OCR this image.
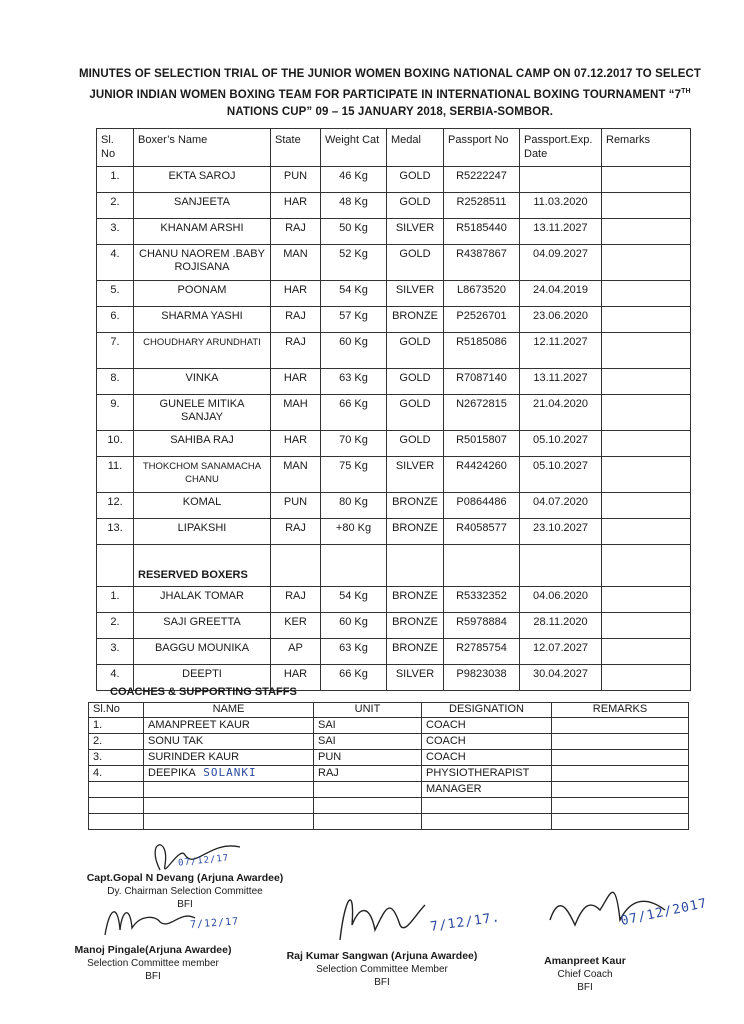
MINUTES OF SELECTION TRIAL OF THE JUNIOR WOMEN BOXING NATIONAL CAMP ON 07.12.2017 TO SELECT
JUNIOR INDIAN WOMEN BOXING TEAM FOR PARTICIPATE IN INTERNATIONAL BOXING TOURNAMENT “7TH
NATIONS CUP” 09 – 15 JANUARY 2018, SERBIA-SOMBOR.
Sl. No	Boxer’s Name	State	Weight Cat	Medal	Passport No	Passport.Exp. Date	Remarks
1.	EKTA SAROJ	PUN	46 Kg	GOLD	R5222247		
2.	SANJEETA	HAR	48 Kg	GOLD	R2528511	11.03.2020	
3.	KHANAM ARSHI	RAJ	50 Kg	SILVER	R5185440	13.11.2027	
4.	CHANU NAOREM .BABY ROJISANA	MAN	52 Kg	GOLD	R4387867	04.09.2027	
5.	POONAM	HAR	54 Kg	SILVER	L8673520	24.04.2019	
6.	SHARMA YASHI	RAJ	57 Kg	BRONZE	P2526701	23.06.2020	
7.	CHOUDHARY ARUNDHATI	RAJ	60 Kg	GOLD	R5185086	12.11.2027	
8.	VINKA	HAR	63 Kg	GOLD	R7087140	13.11.2027	
9.	GUNELE MITIKA SANJAY	MAH	66 Kg	GOLD	N2672815	21.04.2020	
10.	SAHIBA RAJ	HAR	70 Kg	GOLD	R5015807	05.10.2027	
11.	THOKCHOM SANAMACHA CHANU	MAN	75 Kg	SILVER	R4424260	05.10.2027	
12.	KOMAL	PUN	80 Kg	BRONZE	P0864486	04.07.2020	
13.	LIPAKSHI	RAJ	+80 Kg	BRONZE	R4058577	23.10.2027	
	RESERVED BOXERS						
1.	JHALAK TOMAR	RAJ	54 Kg	BRONZE	R5332352	04.06.2020	
2.	SAJI GREETTA	KER	60 Kg	BRONZE	R5978884	28.11.2020	
3.	BAGGU MOUNIKA	AP	63 Kg	BRONZE	R2785754	12.07.2027	
4.	DEEPTI	HAR	66 Kg	SILVER	P9823038	30.04.2027	
COACHES & SUPPORTING STAFFS
Sl.No	NAME	UNIT	DESIGNATION	REMARKS
1.	AMANPREET KAUR	SAI	COACH	
2.	SONU TAK	SAI	COACH	
3.	SURINDER KAUR	PUN	COACH	
4.	DEEPIKA SOLANKI	RAJ	PHYSIOTHERAPIST	
			MANAGER	

07/12/17
Capt.Gopal N Devang (Arjuna Awardee)
Dy. Chairman Selection Committee
BFI
7/12/17
Manoj Pingale(Arjuna Awardee)
Selection Committee member
BFI
7/12/17.
Raj Kumar Sangwan (Arjuna Awardee)
Selection Committee Member
BFI
07/12/2017
Amanpreet Kaur
Chief Coach
BFI
